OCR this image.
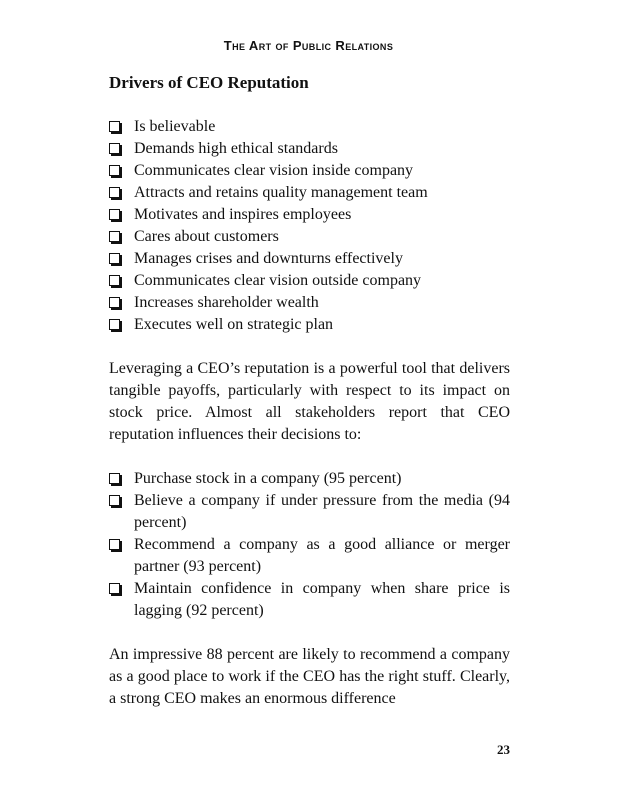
The Art of Public Relations
Drivers of CEO Reputation
Is believable
Demands high ethical standards
Communicates clear vision inside company
Attracts and retains quality management team
Motivates and inspires employees
Cares about customers
Manages crises and downturns effectively
Communicates clear vision outside company
Increases shareholder wealth
Executes well on strategic plan

Leveraging a CEO’s reputation is a powerful tool that delivers tangible payoffs, particularly with respect to its impact on stock price. Almost all stakeholders report that CEO reputation influences their decisions to:

Purchase stock in a company (95 percent)
Believe a company if under pressure from the media (94 percent)
Recommend a company as a good alliance or merger partner (93 percent)
Maintain confidence in company when share price is lagging (92 percent)

An impressive 88 percent are likely to recommend a company as a good place to work if the CEO has the right stuff. Clearly, a strong CEO makes an enormous difference

23
